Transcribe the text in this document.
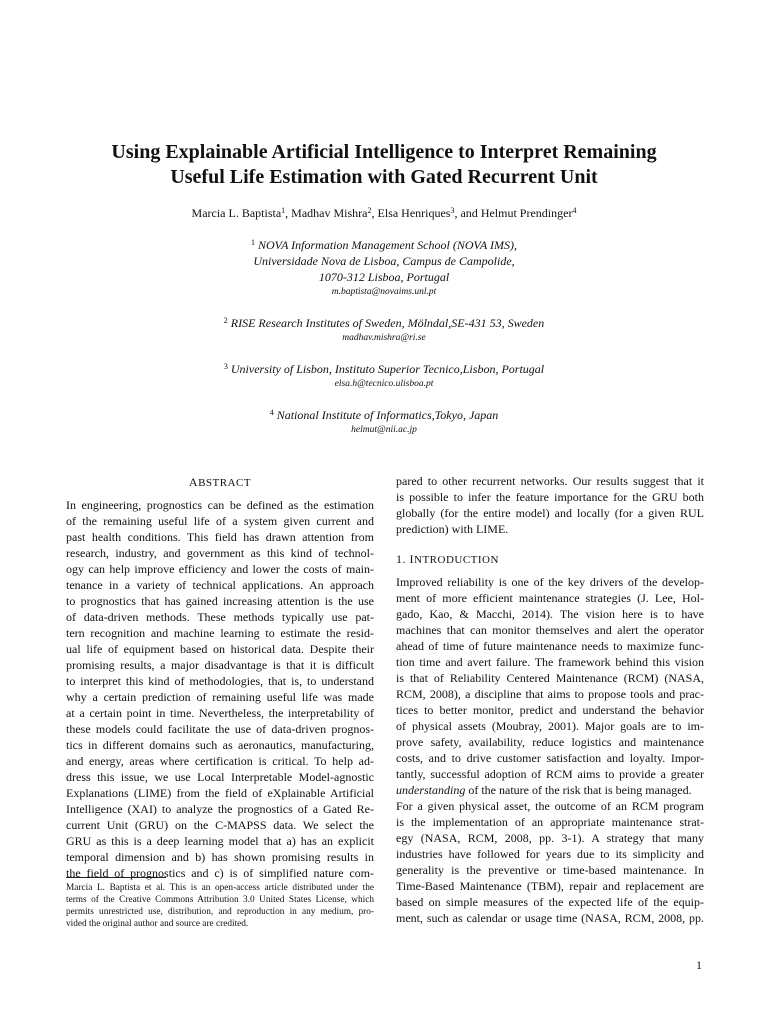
Using Explainable Artificial Intelligence to Interpret Remaining
Useful Life Estimation with Gated Recurrent Unit
Marcia L. Baptista$^1$, Madhav Mishra$^2$, Elsa Henriques$^3$, and Helmut Prendinger$^4$
$^1$ NOVA Information Management School (NOVA IMS),
Universidade Nova de Lisboa, Campus de Campolide,
1070-312 Lisboa, Portugal
m.baptista@novaims.unl.pt
$^2$ RISE Research Institutes of Sweden, Mölndal,SE-431 53, Sweden
madhav.mishra@ri.se
$^3$ University of Lisbon, Instituto Superior Tecnico,Lisbon, Portugal
elsa.h@tecnico.ulisboa.pt
$^4$ National Institute of Informatics,Tokyo, Japan
helmut@nii.ac.jp
ABSTRACT
In engineering, prognostics can be defined as the estimation
of the remaining useful life of a system given current and
past health conditions. This field has drawn attention from
research, industry, and government as this kind of technol-
ogy can help improve efficiency and lower the costs of main-
tenance in a variety of technical applications. An approach
to prognostics that has gained increasing attention is the use
of data-driven methods. These methods typically use pat-
tern recognition and machine learning to estimate the resid-
ual life of equipment based on historical data. Despite their
promising results, a major disadvantage is that it is difficult
to interpret this kind of methodologies, that is, to understand
why a certain prediction of remaining useful life was made
at a certain point in time. Nevertheless, the interpretability of
these models could facilitate the use of data-driven prognos-
tics in different domains such as aeronautics, manufacturing,
and energy, areas where certification is critical. To help ad-
dress this issue, we use Local Interpretable Model-agnostic
Explanations (LIME) from the field of eXplainable Artificial
Intelligence (XAI) to analyze the prognostics of a Gated Re-
current Unit (GRU) on the C-MAPSS data. We select the
GRU as this is a deep learning model that a) has an explicit
temporal dimension and b) has shown promising results in
the field of prognostics and c) is of simplified nature com-
Marcia L. Baptista et al. This is an open-access article distributed under the
terms of the Creative Commons Attribution 3.0 United States License, which
permits unrestricted use, distribution, and reproduction in any medium, pro-
vided the original author and source are credited.
pared to other recurrent networks. Our results suggest that it
is possible to infer the feature importance for the GRU both
globally (for the entire model) and locally (for a given RUL
prediction) with LIME.
1. INTRODUCTION
Improved reliability is one of the key drivers of the develop-
ment of more efficient maintenance strategies (J. Lee, Hol-
gado, Kao, & Macchi, 2014). The vision here is to have
machines that can monitor themselves and alert the operator
ahead of time of future maintenance needs to maximize func-
tion time and avert failure. The framework behind this vision
is that of Reliability Centered Maintenance (RCM) (NASA,
RCM, 2008), a discipline that aims to propose tools and prac-
tices to better monitor, predict and understand the behavior
of physical assets (Moubray, 2001). Major goals are to im-
prove safety, availability, reduce logistics and maintenance
costs, and to drive customer satisfaction and loyalty. Impor-
tantly, successful adoption of RCM aims to provide a greater
understanding of the nature of the risk that is being managed.
For a given physical asset, the outcome of an RCM program
is the implementation of an appropriate maintenance strat-
egy (NASA, RCM, 2008, pp. 3-1). A strategy that many
industries have followed for years due to its simplicity and
generality is the preventive or time-based maintenance. In
Time-Based Maintenance (TBM), repair and replacement are
based on simple measures of the expected life of the equip-
ment, such as calendar or usage time (NASA, RCM, 2008, pp.
1
